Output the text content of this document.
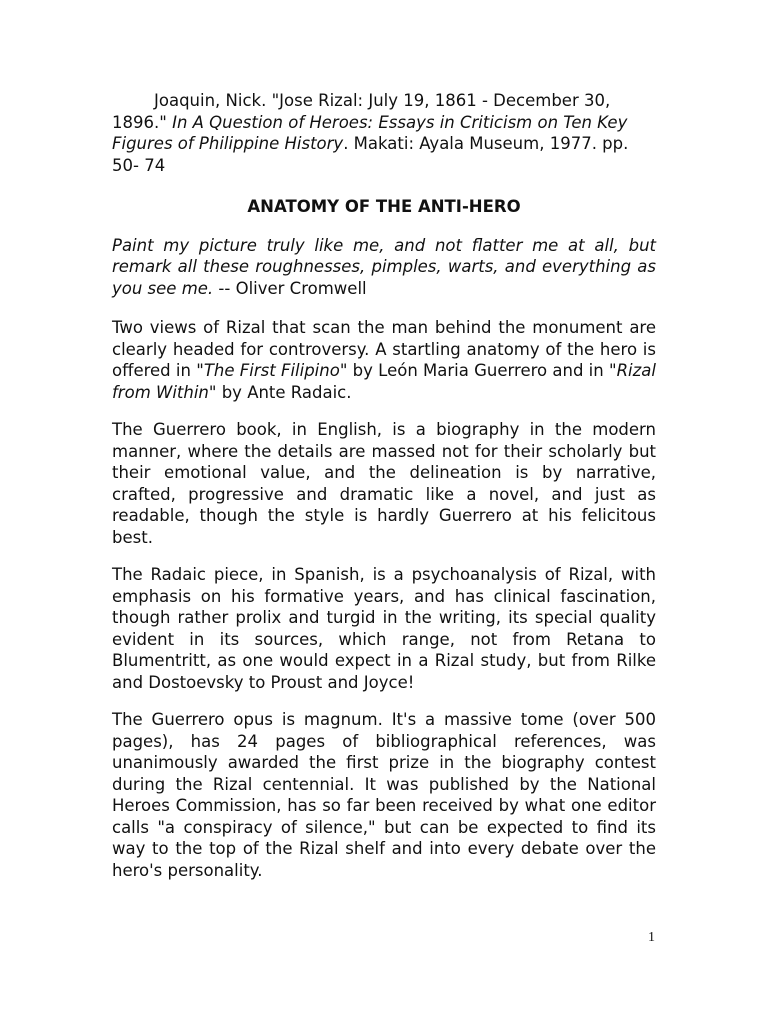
Joaquin, Nick. "Jose Rizal: July 19, 1861 - December 30, 1896." In A Question of Heroes: Essays in Criticism on Ten Key Figures of Philippine History. Makati: Ayala Museum, 1977. pp. 50- 74

ANATOMY OF THE ANTI-HERO

Paint my picture truly like me, and not flatter me at all, but remark all these roughnesses, pimples, warts, and everything as you see me. -- Oliver Cromwell

Two views of Rizal that scan the man behind the monument are clearly headed for controversy. A startling anatomy of the hero is offered in "The First Filipino" by León Maria Guerrero and in "Rizal from Within" by Ante Radaic.

The Guerrero book, in English, is a biography in the modern manner, where the details are massed not for their scholarly but their emotional value, and the delineation is by narrative, crafted, progressive and dramatic like a novel, and just as readable, though the style is hardly Guerrero at his felicitous best.

The Radaic piece, in Spanish, is a psychoanalysis of Rizal, with emphasis on his formative years, and has clinical fascination, though rather prolix and turgid in the writing, its special quality evident in its sources, which range, not from Retana to Blumentritt, as one would expect in a Rizal study, but from Rilke and Dostoevsky to Proust and Joyce!

The Guerrero opus is magnum. It's a massive tome (over 500 pages), has 24 pages of bibliographical references, was unanimously awarded the first prize in the biography contest during the Rizal centennial. It was published by the National Heroes Commission, has so far been received by what one editor calls "a conspiracy of silence," but can be expected to find its way to the top of the Rizal shelf and into every debate over the hero's personality.

1
